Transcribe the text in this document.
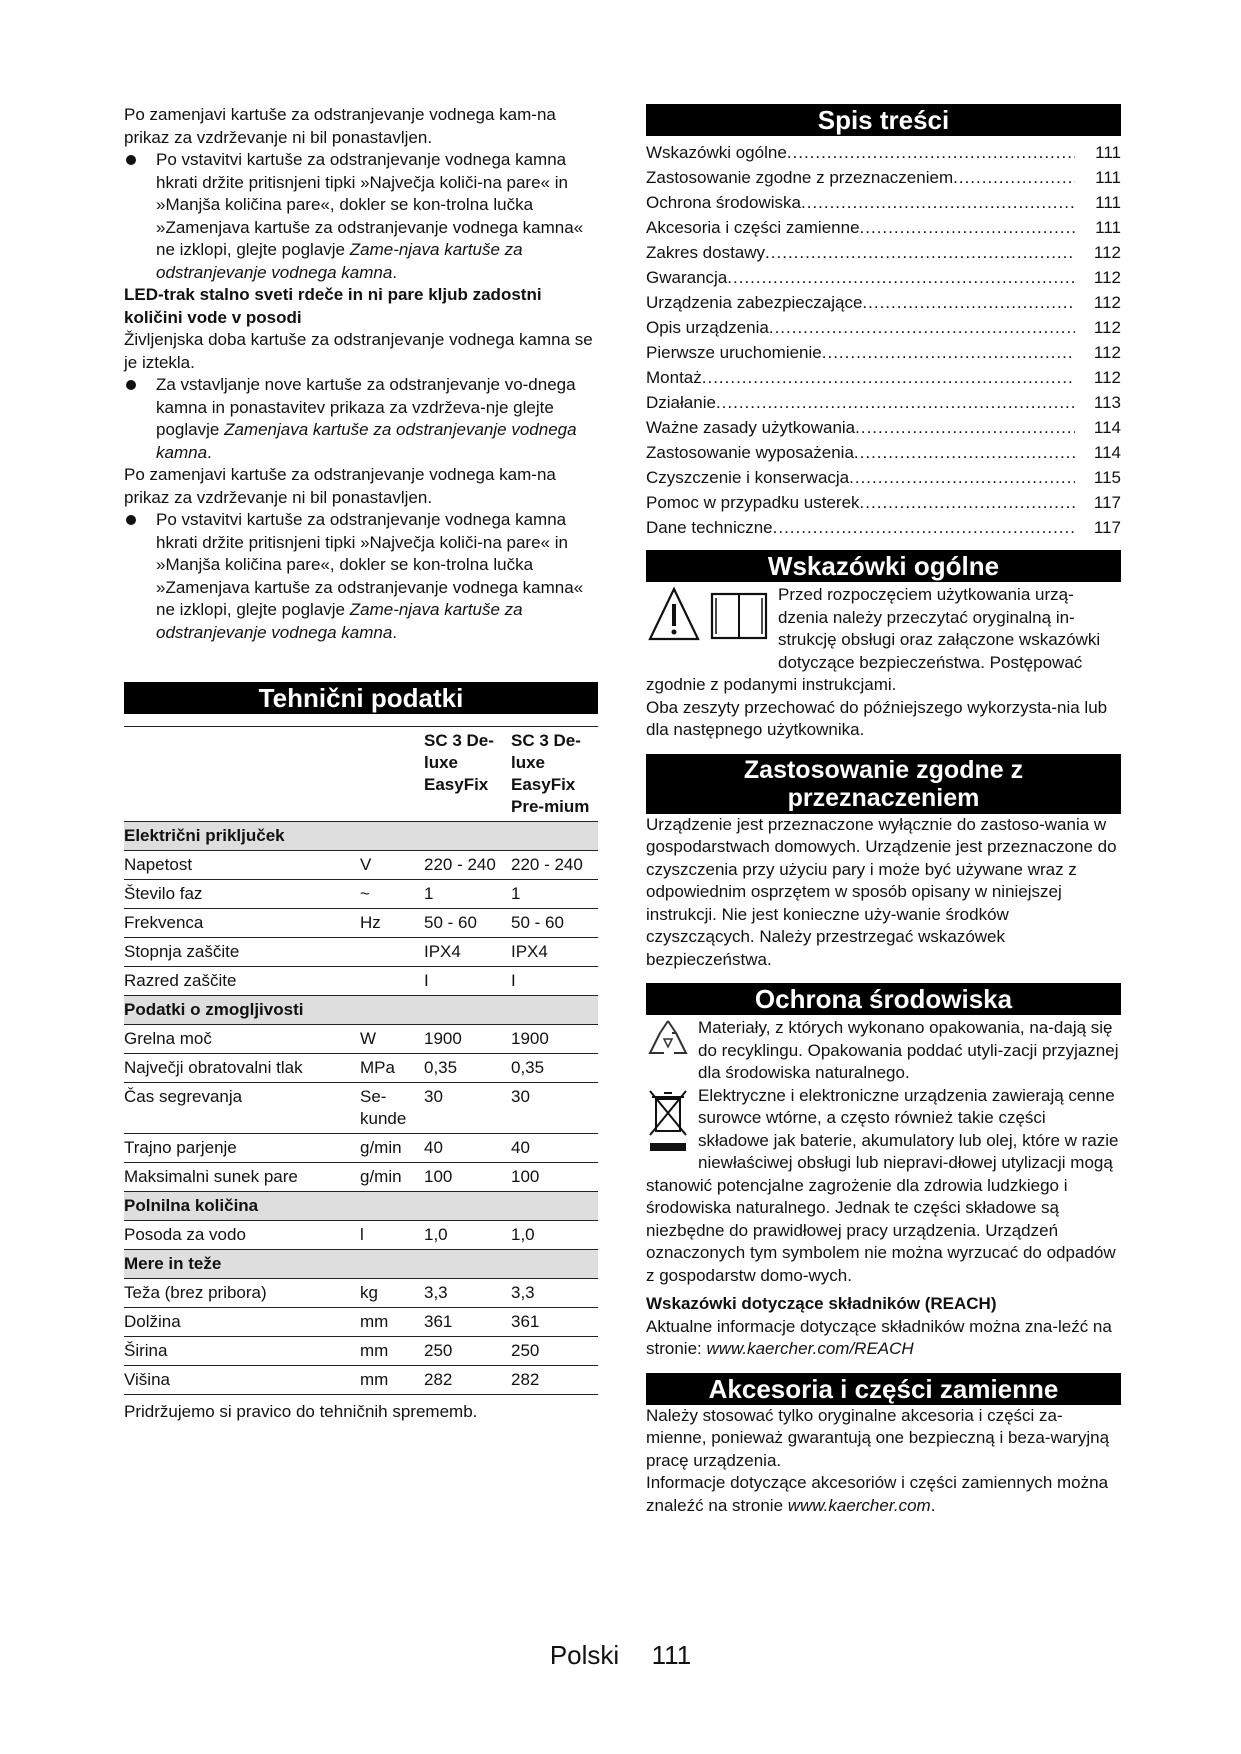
Po zamenjavi kartuše za odstranjevanje vodnega kam-na prikaz za vzdrževanje ni bil ponastavljen.

Po vstavitvi kartuše za odstranjevanje vodnega kamna hkrati držite pritisnjeni tipki »Največja količi-na pare« in »Manjša količina pare«, dokler se kon-trolna lučka »Zamenjava kartuše za odstranjevanje vodnega kamna« ne izklopi, glejte poglavje Zame-njava kartuše za odstranjevanje vodnega kamna.

LED-trak stalno sveti rdeče in ni pare kljub zadostni količini vode v posodi

Življenjska doba kartuše za odstranjevanje vodnega kamna se je iztekla.

Za vstavljanje nove kartuše za odstranjevanje vo-dnega kamna in ponastavitev prikaza za vzdrževa-nje glejte poglavje Zamenjava kartuše za odstranjevanje vodnega kamna.

Po zamenjavi kartuše za odstranjevanje vodnega kam-na prikaz za vzdrževanje ni bil ponastavljen.

Po vstavitvi kartuše za odstranjevanje vodnega kamna hkrati držite pritisnjeni tipki »Največja količi-na pare« in »Manjša količina pare«, dokler se kon-trolna lučka »Zamenjava kartuše za odstranjevanje vodnega kamna« ne izklopi, glejte poglavje Zame-njava kartuše za odstranjevanje vodnega kamna.
Tehnični podatki
		SC 3 De-luxe EasyFix	SC 3 De-luxe EasyFix Pre-mium
Električni priključek			
Napetost	V	220 - 240	220 - 240
Število faz	~	1	1
Frekvenca	Hz	50 - 60	50 - 60
Stopnja zaščite		IPX4	IPX4
Razred zaščite		I	I
Podatki o zmogljivosti			
Grelna moč	W	1900	1900
Največji obratovalni tlak	MPa	0,35	0,35
Čas segrevanja	Se-kunde	30	30
Trajno parjenje	g/min	40	40
Maksimalni sunek pare	g/min	100	100
Polnilna količina			
Posoda za vodo	l	1,0	1,0
Mere in teže			
Teža (brez pribora)	kg	3,3	3,3
Dolžina	mm	361	361
Širina	mm	250	250
Višina	mm	282	282

Pridržujemo si pravico do tehničnih sprememb.

Spis treści
Wskazówki ogólne .....	111
Zastosowanie zgodne z przeznaczeniem .....	111
Ochrona środowiska .....	111
Akcesoria i części zamienne .....	111
Zakres dostawy .....	112
Gwarancja .....	112
Urządzenia zabezpieczające .....	112
Opis urządzenia .....	112
Pierwsze uruchomienie .....	112
Montaż .....	112
Działanie .....	113
Ważne zasady użytkowania .....	114
Zastosowanie wyposażenia .....	114
Czyszczenie i konserwacja .....	115
Pomoc w przypadku usterek .....	117
Dane techniczne .....	117
Wskazówki ogólne

Przed rozpoczęciem użytkowania urzą-dzenia należy przeczytać oryginalną in-strukcję obsługi oraz załączone wskazówki dotyczące bezpieczeństwa. Postępować zgodnie z podanymi instrukcjami.

Oba zeszyty przechować do późniejszego wykorzysta-nia lub dla następnego użytkownika.

Zastosowanie zgodne z
przeznaczeniem

Urządzenie jest przeznaczone wyłącznie do zastoso-wania w gospodarstwach domowych. Urządzenie jest przeznaczone do czyszczenia przy użyciu pary i może być używane wraz z odpowiednim osprzętem w sposób opisany w niniejszej instrukcji. Nie jest konieczne uży-wanie środków czyszczących. Należy przestrzegać wskazówek bezpieczeństwa.

Ochrona środowiska

Materiały, z których wykonano opakowania, na-dają się do recyklingu. Opakowania poddać utyli-zacji przyjaznej dla środowiska naturalnego.

Elektryczne i elektroniczne urządzenia zawierają cenne surowce wtórne, a często również takie części składowe jak baterie, akumulatory lub olej, które w razie niewłaściwej obsługi lub niepravi-dłowej utylizacji mogą stanowić potencjalne zagrożenie dla zdrowia ludzkiego i środowiska naturalnego. Jednak te części składowe są niezbędne do prawidłowej pracy urządzenia. Urządzeń oznaczonych tym symbolem nie można wyrzucać do odpadów z gospodarstw domo-wych.

Wskazówki dotyczące składników (REACH)

Aktualne informacje dotyczące składników można zna-leźć na stronie: www.kaercher.com/REACH

Akcesoria i części zamienne

Należy stosować tylko oryginalne akcesoria i części za-mienne, ponieważ gwarantują one bezpieczną i beza-waryjną pracę urządzenia.

Informacje dotyczące akcesoriów i części zamiennych można znaleźć na stronie www.kaercher.com.

Polski 111
